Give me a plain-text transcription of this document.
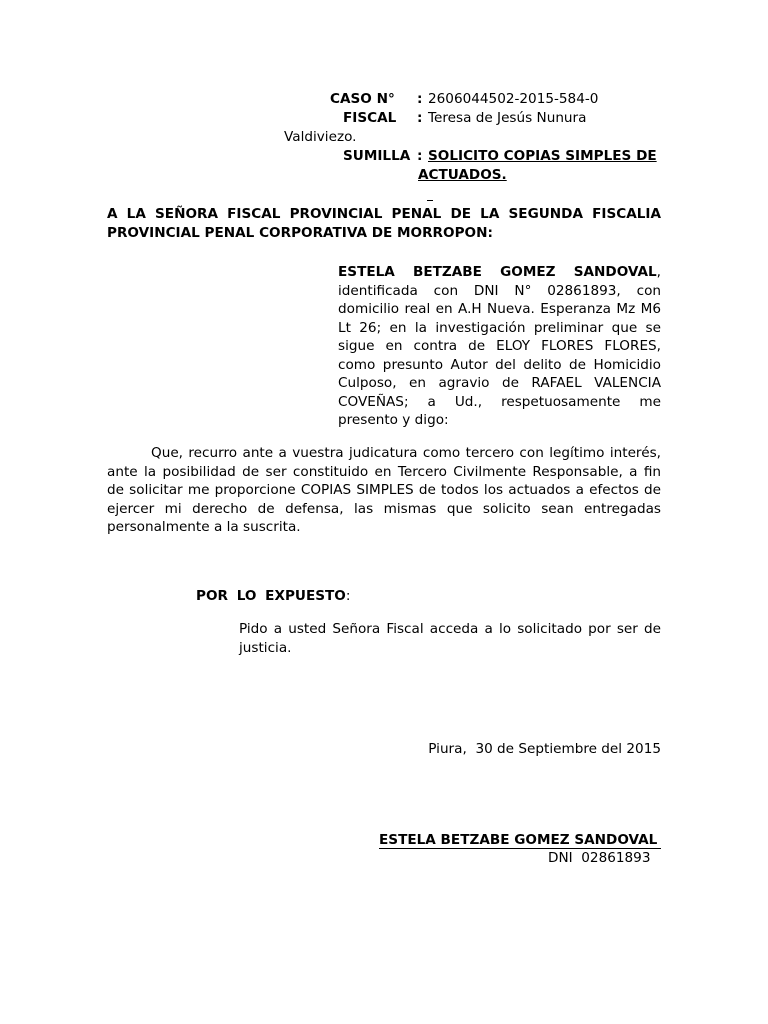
CASO N° : 2606044502-2015-584-0
FISCAL : Teresa de Jesús Nunura
Valdiviezo.
SUMILLA : SOLICITO COPIAS SIMPLES DE
ACTUADOS.
A LA SEÑORA FISCAL PROVINCIAL PENAL DE LA SEGUNDA FISCALIA
PROVINCIAL PENAL CORPORATIVA DE MORROPON:
ESTELA BETZABE GOMEZ SANDOVAL,
identificada con DNI N° 02861893, con
domicilio real en A.H Nueva. Esperanza Mz M6
Lt 26; en la investigación preliminar que se
sigue en contra de ELOY FLORES FLORES,
como presunto Autor del delito de Homicidio
Culposo, en agravio de RAFAEL VALENCIA
COVEÑAS; a Ud., respetuosamente me
presento y digo:
Que, recurro ante a vuestra judicatura como tercero con legítimo interés,
ante la posibilidad de ser constituido en Tercero Civilmente Responsable, a fin
de solicitar me proporcione COPIAS SIMPLES de todos los actuados a efectos de
ejercer mi derecho de defensa, las mismas que solicito sean entregadas
personalmente a la suscrita.
POR LO EXPUESTO:
Pido a usted Señora Fiscal acceda a lo solicitado por ser de
justicia.
Piura,  30 de Septiembre del 2015
ESTELA BETZABE GOMEZ SANDOVAL
DNI  02861893
